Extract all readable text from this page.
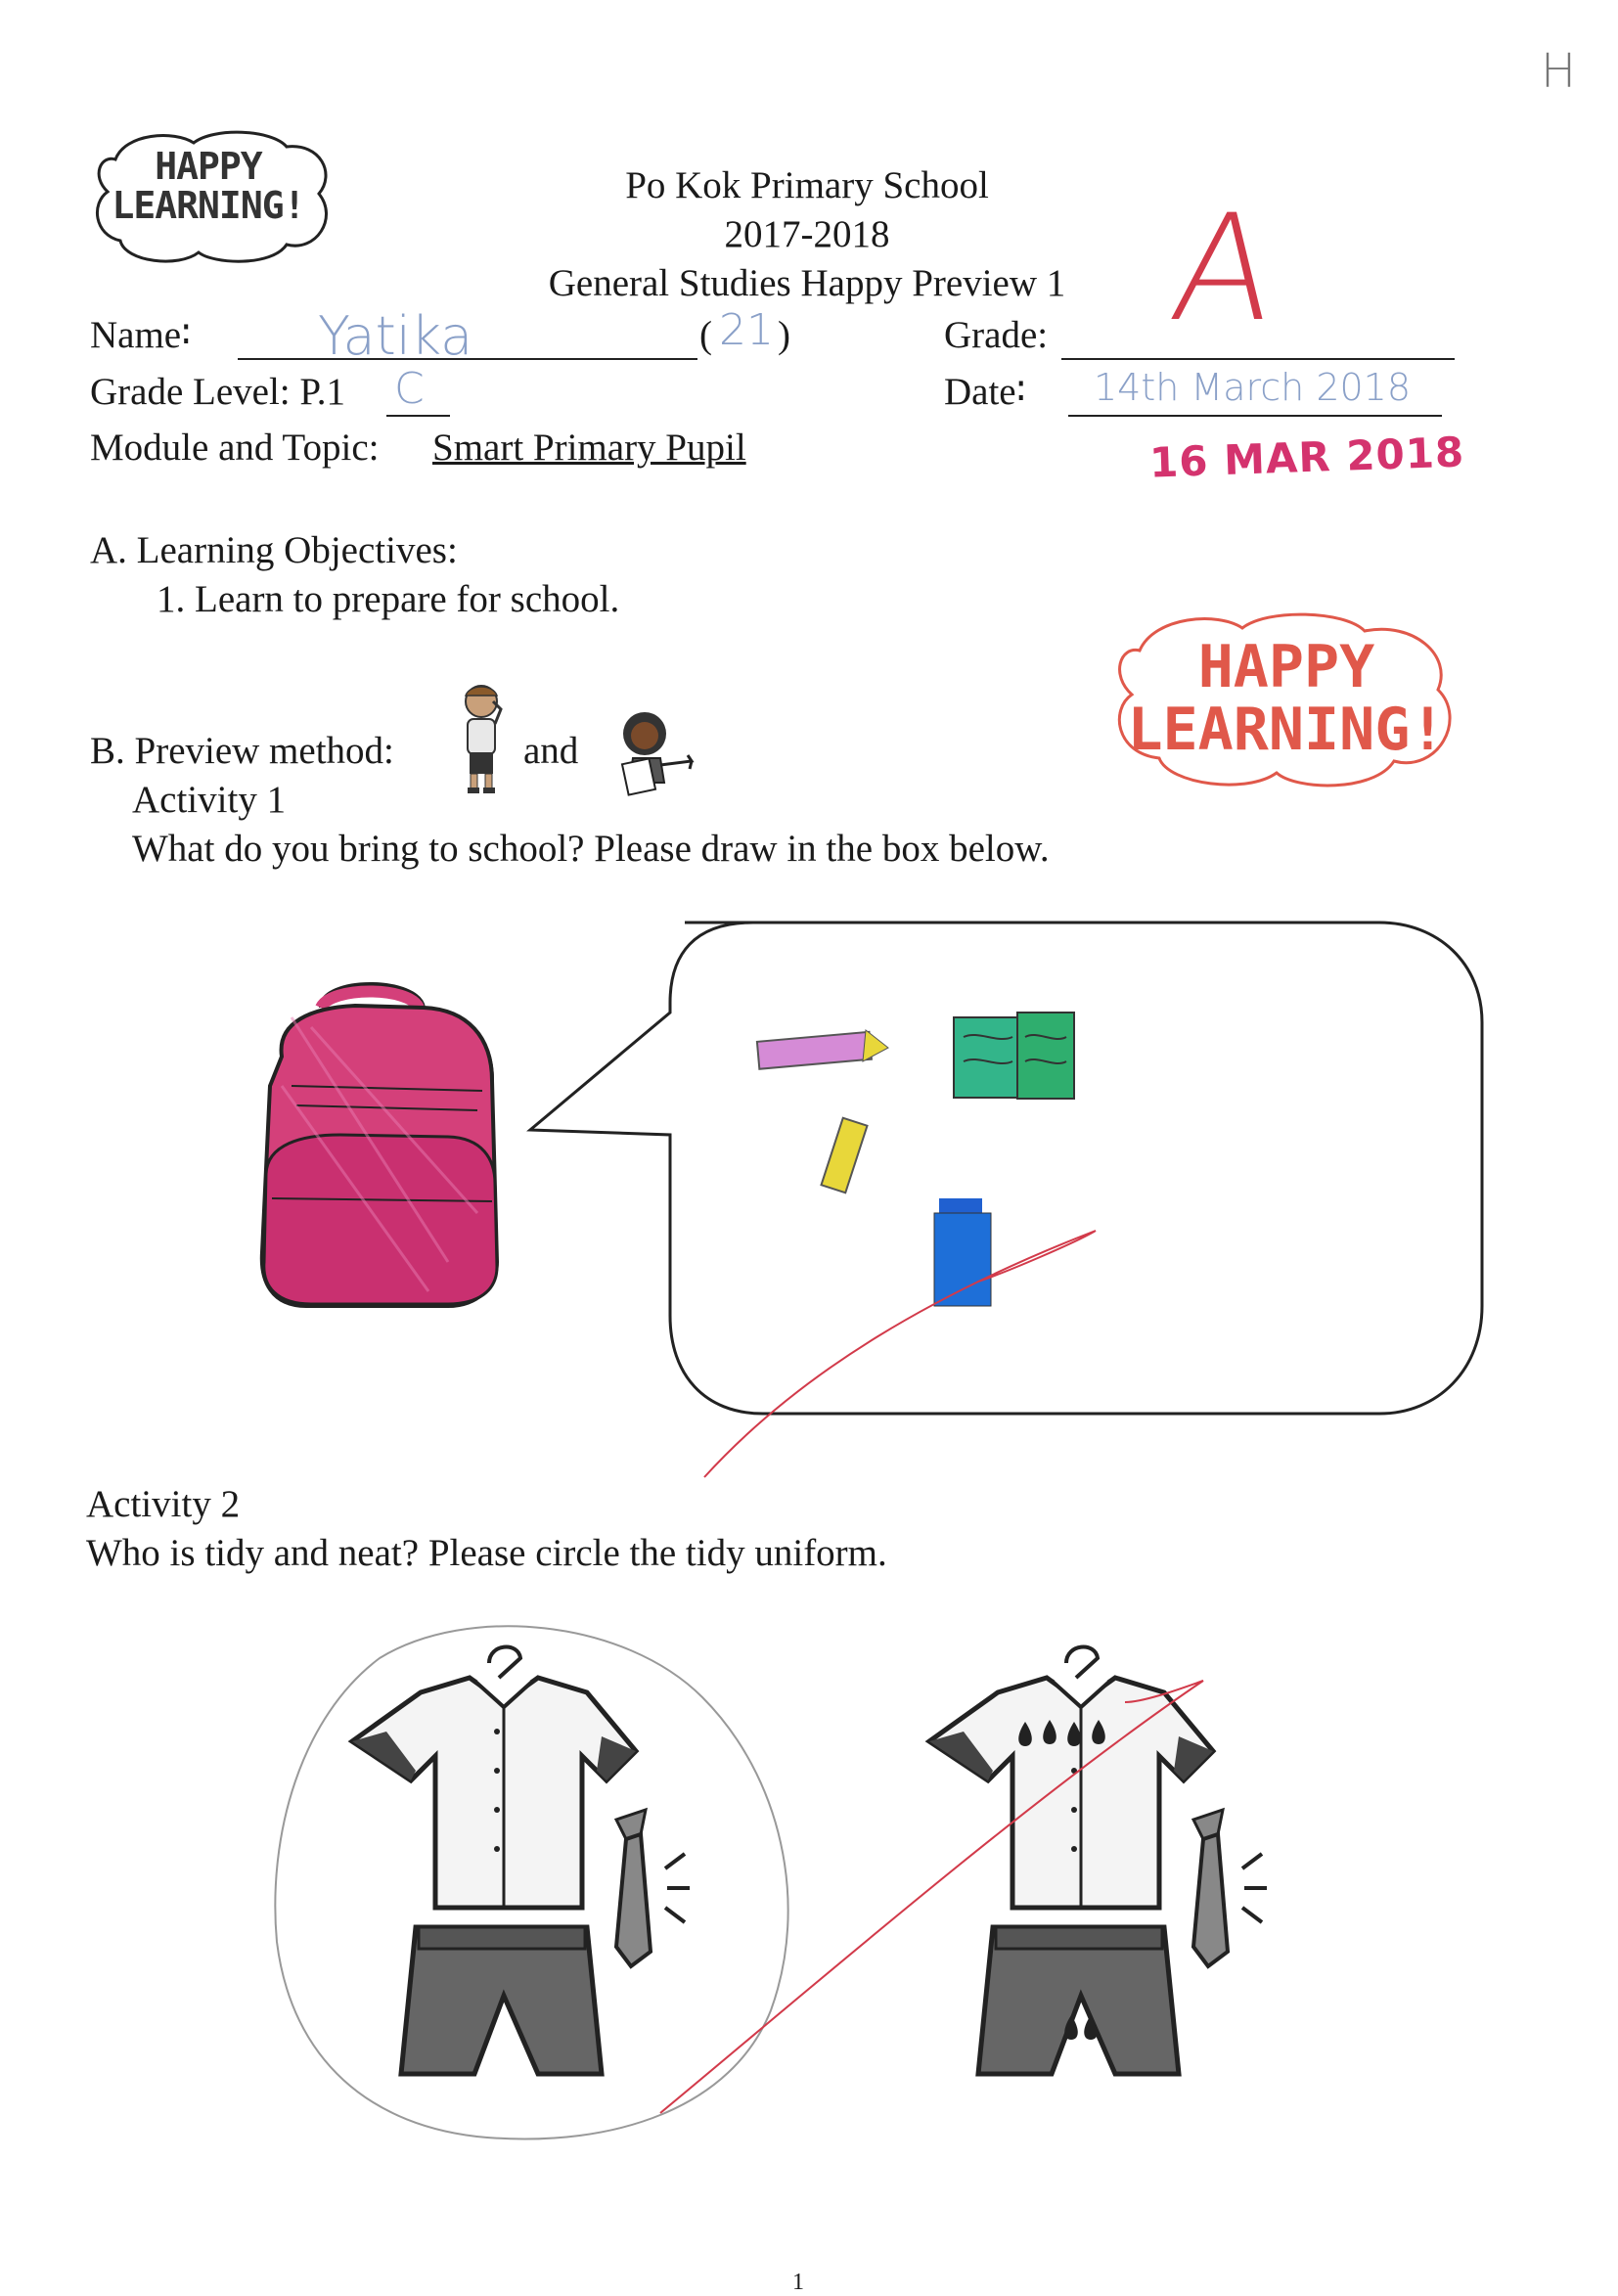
H
HAPPY
LEARNING!	Po Kok Primary School
2017-2018
General Studies Happy Preview 1
Name∶ Yatika	( 21 )	Grade: A
Grade Level: P.1 C	Date∶ 14th March 2018
16 MAR 2018
Module and Topic: Smart Primary Pupil
A. Learning Objectives:
1. Learn to prepare for school.
HAPPY
LEARNING!
B. Preview method:	and
Activity 1
What do you bring to school? Please draw in the box below.
Activity 2
Who is tidy and neat? Please circle the tidy uniform.
1
